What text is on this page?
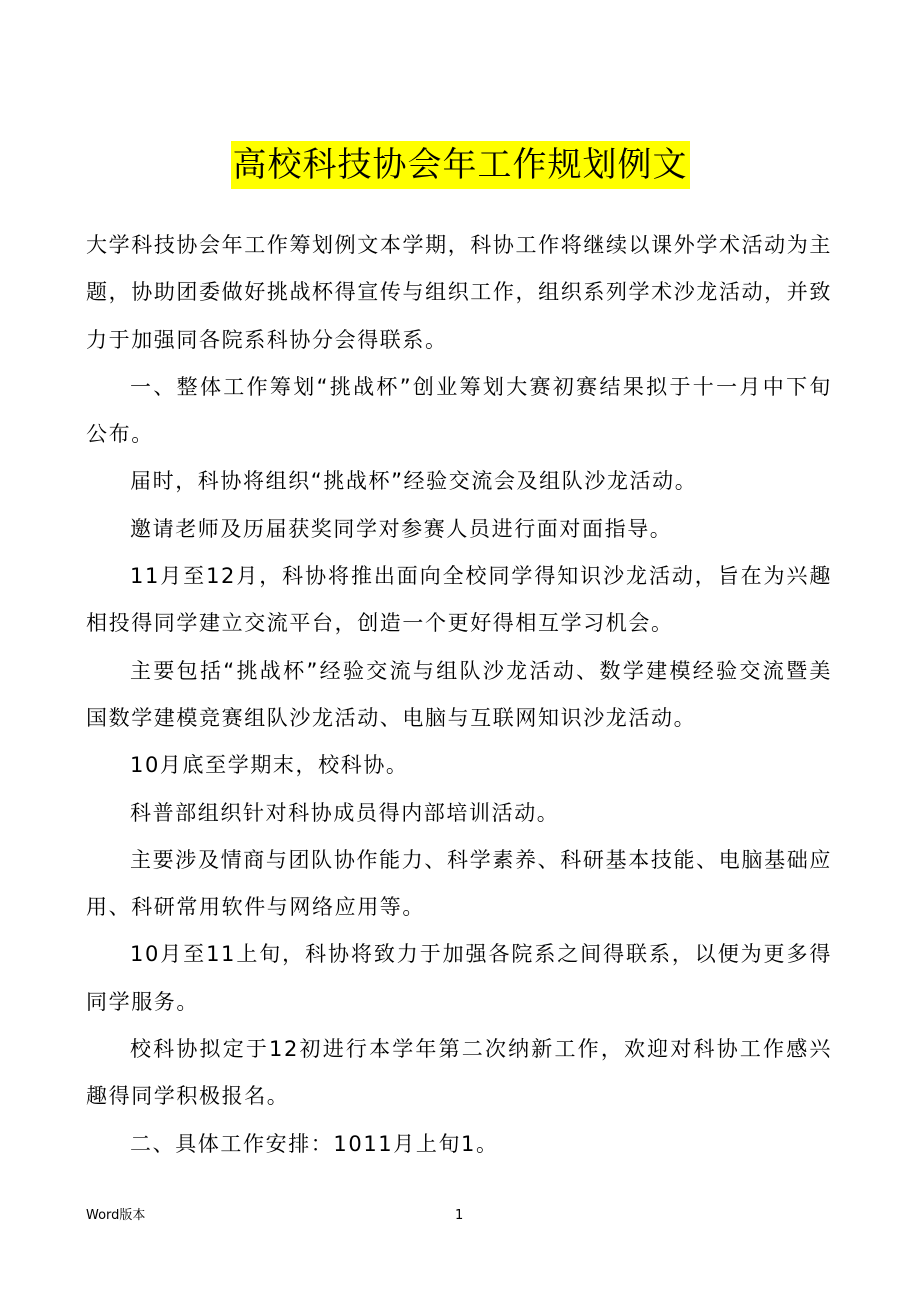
高校科技协会年工作规划例文

大学科技协会年工作筹划例文本学期，科协工作将继续以课外学术活动为主题，协助团委做好挑战杯得宣传与组织工作，组织系列学术沙龙活动，并致力于加强同各院系科协分会得联系。

一、整体工作筹划“挑战杯”创业筹划大赛初赛结果拟于十一月中下旬公布。

届时，科协将组织“挑战杯”经验交流会及组队沙龙活动。

邀请老师及历届获奖同学对参赛人员进行面对面指导。

11月至12月，科协将推出面向全校同学得知识沙龙活动，旨在为兴趣相投得同学建立交流平台，创造一个更好得相互学习机会。

主要包括“挑战杯”经验交流与组队沙龙活动、数学建模经验交流暨美国数学建模竞赛组队沙龙活动、电脑与互联网知识沙龙活动。

10月底至学期末，校科协。

科普部组织针对科协成员得内部培训活动。

主要涉及情商与团队协作能力、科学素养、科研基本技能、电脑基础应用、科研常用软件与网络应用等。

10月至11上旬，科协将致力于加强各院系之间得联系，以便为更多得同学服务。

校科协拟定于12初进行本学年第二次纳新工作，欢迎对科协工作感兴趣得同学积极报名。

二、具体工作安排：1011月上旬1。

Word版本	1
